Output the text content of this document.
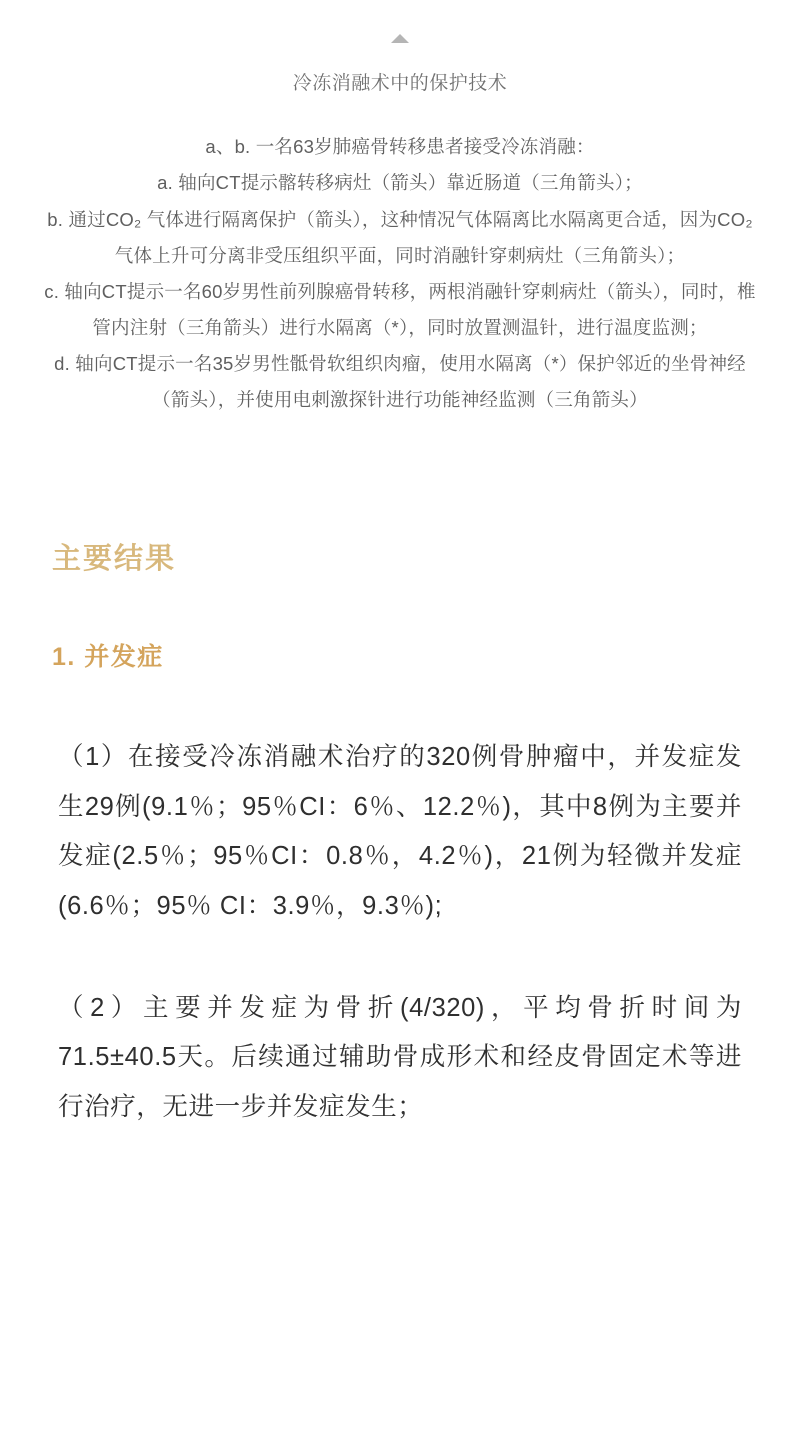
冷冻消融术中的保护技术

a、b. 一名63岁肺癌骨转移患者接受冷冻消融：

a. 轴向CT提示髂转移病灶（箭头）靠近肠道（三角箭头）；

b. 通过CO₂ 气体进行隔离保护（箭头），这种情况气体隔离比水隔离更合适，因为CO₂ 气体上升可分离非受压组织平面，同时消融针穿刺病灶（三角箭头）；

c. 轴向CT提示一名60岁男性前列腺癌骨转移，两根消融针穿刺病灶（箭头），同时，椎管内注射（三角箭头）进行水隔离（*），同时放置测温针，进行温度监测；

d. 轴向CT提示一名35岁男性骶骨软组织肉瘤，使用水隔离（*）保护邻近的坐骨神经（箭头），并使用电刺激探针进行功能神经监测（三角箭头）

主要结果
1. 并发症

（1）在接受冷冻消融术治疗的320例骨肿瘤中，并发症发生29例(9.1％；95％CI：6％、12.2％)，其中8例为主要并发症(2.5％；95％CI：0.8％，4.2％)，21例为轻微并发症(6.6％；95％ CI：3.9％，9.3％);

（2）主要并发症为骨折(4/320)，平均骨折时间为71.5±40.5天。后续通过辅助骨成形术和经皮骨固定术等进行治疗，无进一步并发症发生；
